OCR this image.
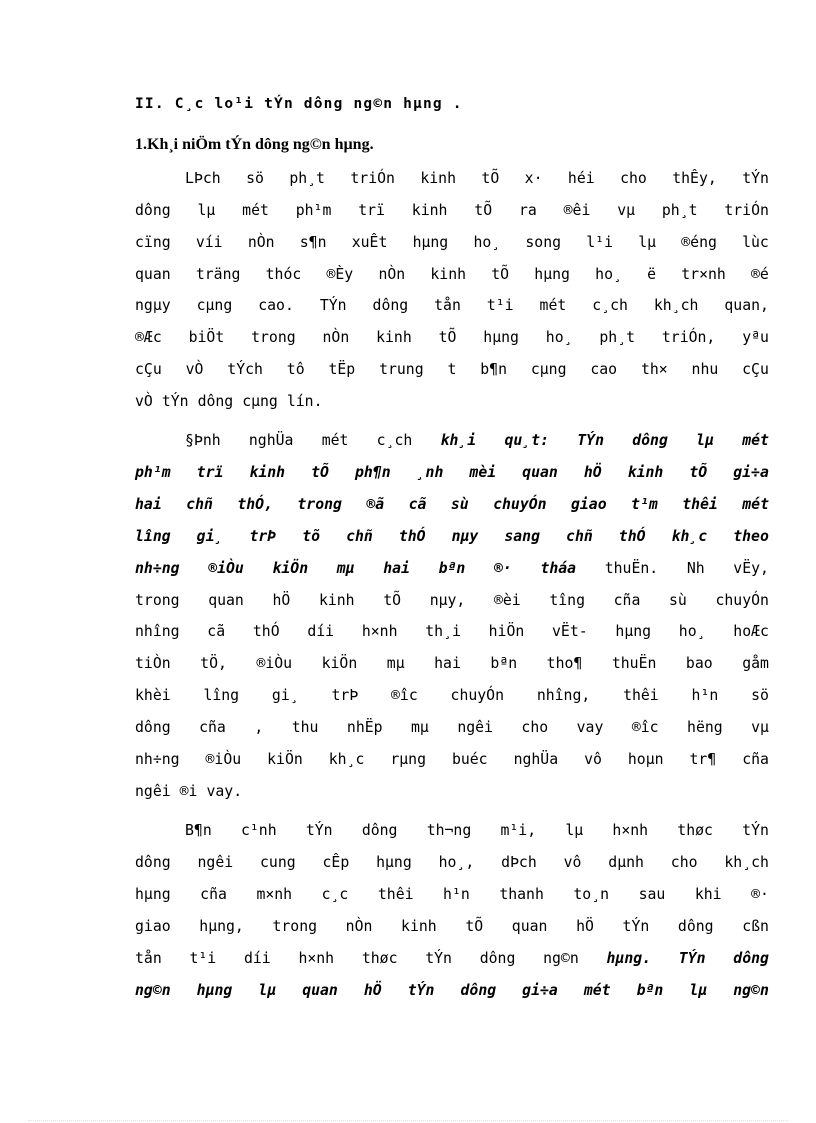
II. C¸c lo¹i tÝn dông ng©n hµng .
1.Kh¸i niÖm tÝn dông ng©n hµng.
LÞch sö ph¸t triÓn kinh tÕ x· héi cho thÊy, tÝn
dông lµ mét ph¹m trï kinh tÕ ra ®êi vµ ph¸t triÓn
cïng víi nÒn s¶n xuÊt hµng ho¸ song l¹i lµ ®éng lùc
quan träng thóc ®Èy nÒn kinh tÕ hµng ho¸ ë tr×nh ®é
ngµy cµng cao. TÝn dông tån t¹i mét c¸ch kh¸ch quan,
®Æc biÖt trong nÒn kinh tÕ hµng ho¸ ph¸t triÓn, yªu
cÇu vÒ tÝch tô tËp trung t b¶n cµng cao th× nhu cÇu
vÒ tÝn dông cµng lín.
§Þnh nghÜa mét c¸ch kh¸i qu¸t: TÝn dông lµ mét
ph¹m trï kinh tÕ ph¶n ¸nh mèi quan hÖ kinh tÕ gi÷a
hai chñ thÓ, trong ®ã cã sù chuyÓn giao t¹m thêi mét
lîng gi¸ trÞ tõ chñ thÓ nµy sang chñ thÓ kh¸c theo
nh÷ng ®iÒu kiÖn mµ hai bªn ®· tháa thuËn. Nh vËy,
trong quan hÖ kinh tÕ nµy, ®èi tîng cña sù chuyÓn
nhîng cã thÓ díi h×nh th¸i hiÖn vËt- hµng ho¸ hoÆc
tiÒn tÖ, ®iÒu kiÖn mµ hai bªn tho¶ thuËn bao gåm
khèi lîng gi¸ trÞ ®îc chuyÓn nhîng, thêi h¹n sö
dông cña , thu nhËp mµ ngêi cho vay ®îc hëng vµ
nh÷ng ®iÒu kiÖn kh¸c rµng buéc nghÜa vô hoµn tr¶ cña
ngêi ®i vay.
B¶n c¹nh tÝn dông th¬ng m¹i, lµ h×nh thøc tÝn
dông ngêi cung cÊp hµng ho¸, dÞch vô dµnh cho kh¸ch
hµng cña m×nh c¸c thêi h¹n thanh to¸n sau khi ®·
giao hµng, trong nÒn kinh tÕ quan hÖ tÝn dông cßn
tån t¹i díi h×nh thøc tÝn dông ng©n hµng. TÝn dông
ng©n hµng lµ quan hÖ tÝn dông gi÷a mét bªn lµ ng©n
